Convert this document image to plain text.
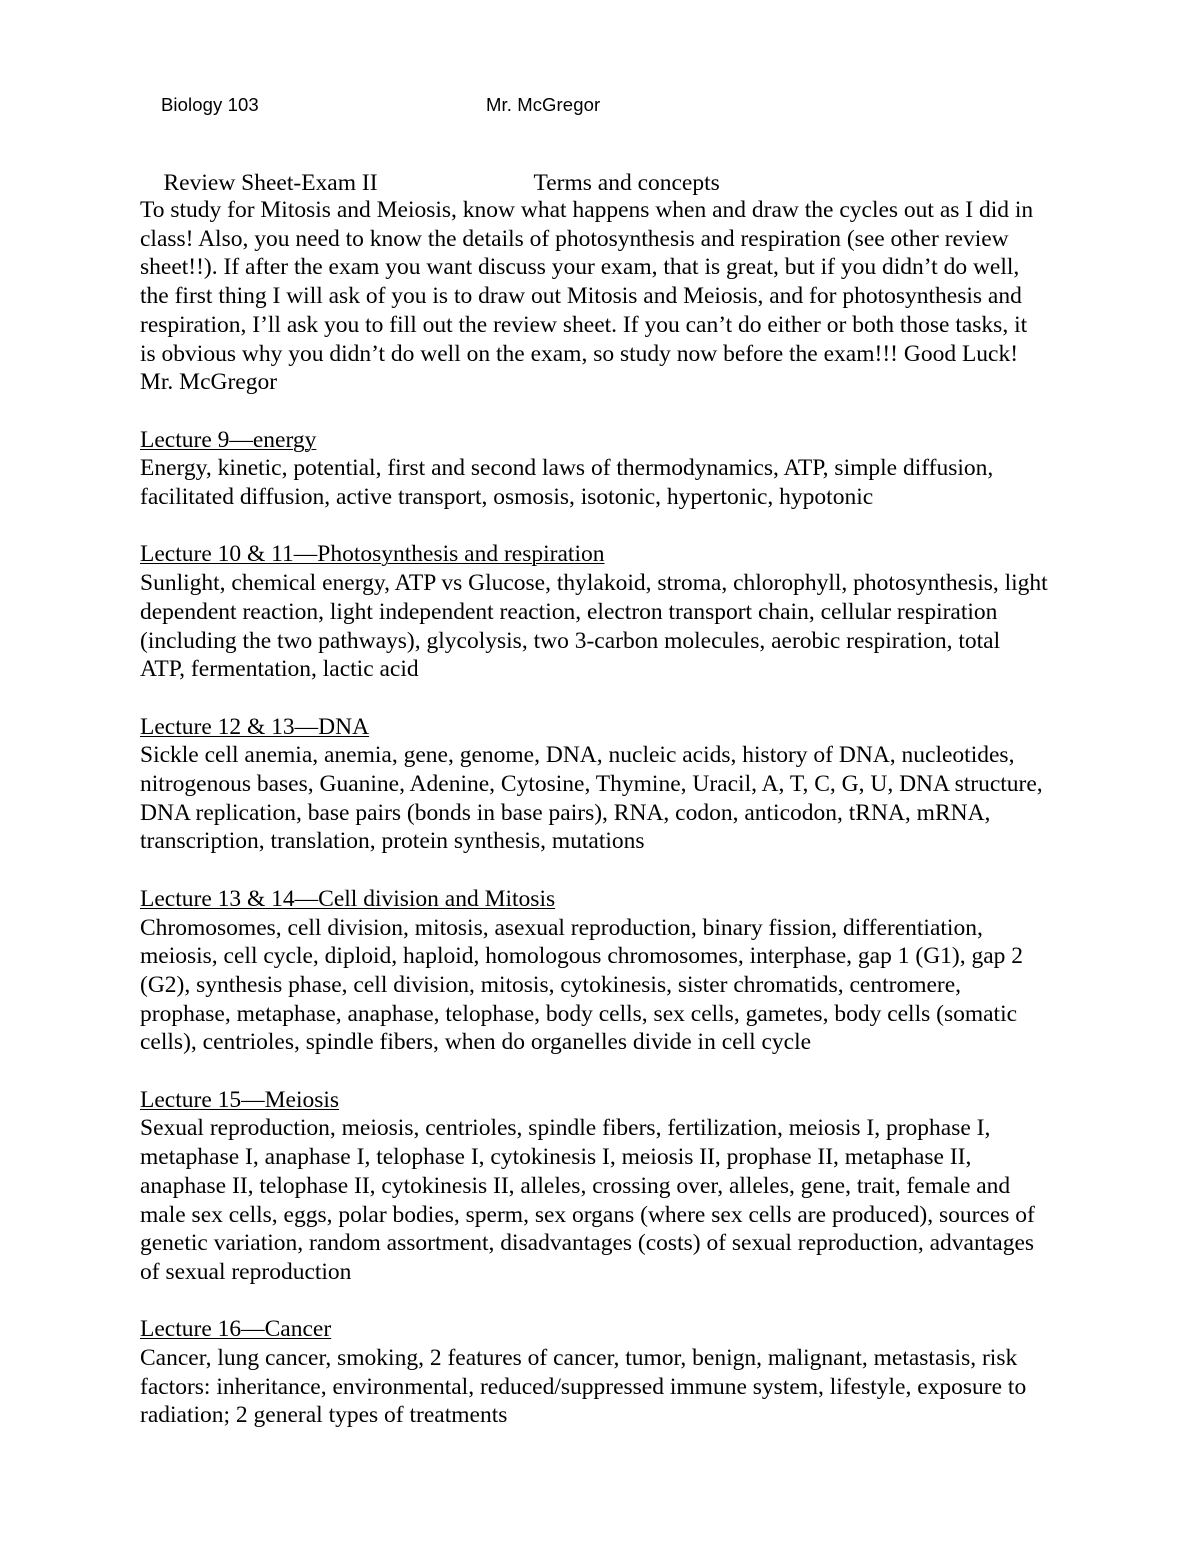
Biology 103	Mr. McGregor

Review Sheet-Exam II	Terms and concepts

To study for Mitosis and Meiosis, know what happens when and draw the cycles out as I did in class! Also, you need to know the details of photosynthesis and respiration (see other review sheet!!). If after the exam you want discuss your exam, that is great, but if you didn’t do well, the first thing I will ask of you is to draw out Mitosis and Meiosis, and for photosynthesis and respiration, I’ll ask you to fill out the review sheet. If you can’t do either or both those tasks, it is obvious why you didn’t do well on the exam, so study now before the exam!!! Good Luck! Mr. McGregor

Lecture 9—energy

Energy, kinetic, potential, first and second laws of thermodynamics, ATP, simple diffusion, facilitated diffusion, active transport, osmosis, isotonic, hypertonic, hypotonic

Lecture 10 & 11—Photosynthesis and respiration

Sunlight, chemical energy, ATP vs Glucose, thylakoid, stroma, chlorophyll, photosynthesis, light dependent reaction, light independent reaction, electron transport chain, cellular respiration (including the two pathways), glycolysis, two 3-carbon molecules, aerobic respiration, total ATP, fermentation, lactic acid

Lecture 12 & 13—DNA

Sickle cell anemia, anemia, gene, genome, DNA, nucleic acids, history of DNA, nucleotides, nitrogenous bases, Guanine, Adenine, Cytosine, Thymine, Uracil, A, T, C, G, U, DNA structure, DNA replication, base pairs (bonds in base pairs), RNA, codon, anticodon, tRNA, mRNA, transcription, translation, protein synthesis, mutations

Lecture 13 & 14—Cell division and Mitosis

Chromosomes, cell division, mitosis, asexual reproduction, binary fission, differentiation, meiosis, cell cycle, diploid, haploid, homologous chromosomes, interphase, gap 1 (G1), gap 2 (G2), synthesis phase, cell division, mitosis, cytokinesis, sister chromatids, centromere, prophase, metaphase, anaphase, telophase, body cells, sex cells, gametes, body cells (somatic cells), centrioles, spindle fibers, when do organelles divide in cell cycle

Lecture 15—Meiosis

Sexual reproduction, meiosis, centrioles, spindle fibers, fertilization, meiosis I, prophase I, metaphase I, anaphase I, telophase I, cytokinesis I, meiosis II, prophase II, metaphase II, anaphase II, telophase II, cytokinesis II, alleles, crossing over, alleles, gene, trait, female and male sex cells, eggs, polar bodies, sperm, sex organs (where sex cells are produced), sources of genetic variation, random assortment, disadvantages (costs) of sexual reproduction, advantages of sexual reproduction

Lecture 16—Cancer

Cancer, lung cancer, smoking, 2 features of cancer, tumor, benign, malignant, metastasis, risk factors: inheritance, environmental, reduced/suppressed immune system, lifestyle, exposure to radiation; 2 general types of treatments
